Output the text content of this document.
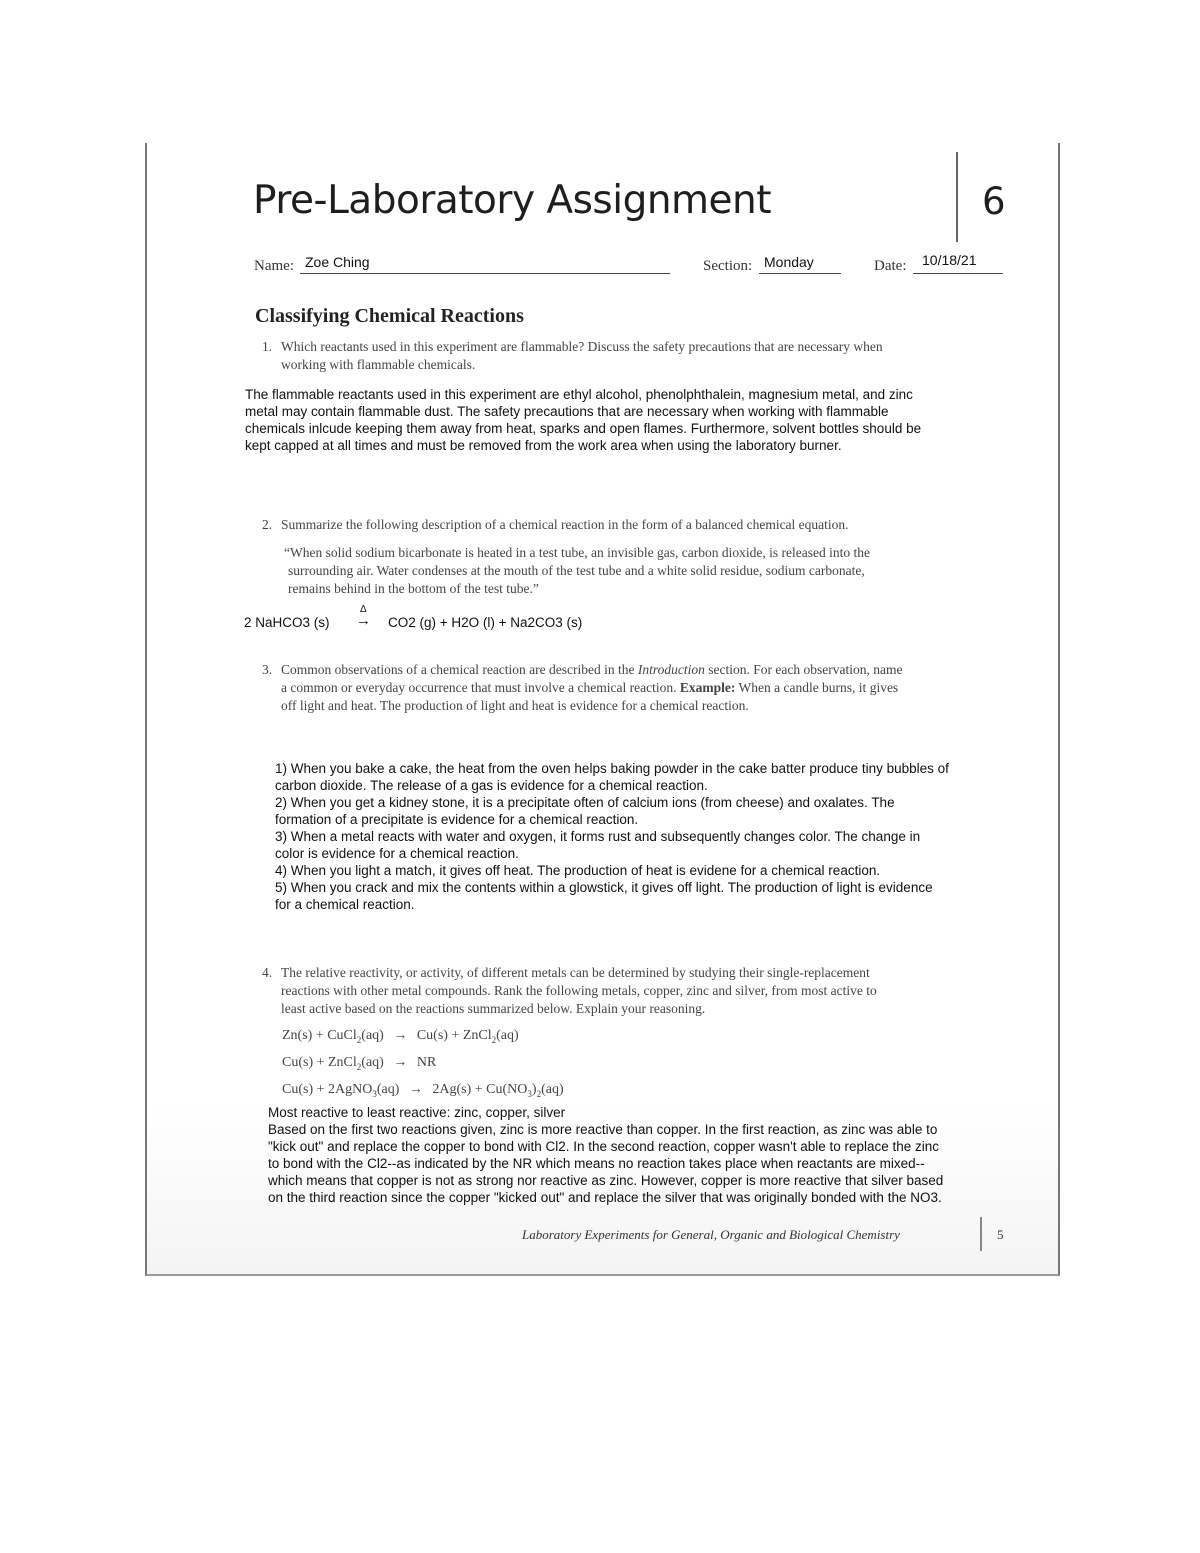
Pre-Laboratory Assignment	6
Name: Zoe Ching	Section: Monday	Date: 10/18/21
Classifying Chemical Reactions
1. Which reactants used in this experiment are flammable? Discuss the safety precautions that are necessary when
working with flammable chemicals.
The flammable reactants used in this experiment are ethyl alcohol, phenolphthalein, magnesium metal, and zinc
metal may contain flammable dust. The safety precautions that are necessary when working with flammable
chemicals inlcude keeping them away from heat, sparks and open flames. Furthermore, solvent bottles should be
kept capped at all times and must be removed from the work area when using the laboratory burner.
2. Summarize the following description of a chemical reaction in the form of a balanced chemical equation.
“When solid sodium bicarbonate is heated in a test tube, an invisible gas, carbon dioxide, is released into the
surrounding air. Water condenses at the mouth of the test tube and a white solid residue, sodium carbonate,
remains behind in the bottom of the test tube.”
2 NaHCO3 (s)
Δ
→ CO2 (g) + H2O (l) + Na2CO3 (s)
3. Common observations of a chemical reaction are described in the Introduction section. For each observation, name
a common or everyday occurrence that must involve a chemical reaction. Example: When a candle burns, it gives
off light and heat. The production of light and heat is evidence for a chemical reaction.
1) When you bake a cake, the heat from the oven helps baking powder in the cake batter produce tiny bubbles of
carbon dioxide. The release of a gas is evidence for a chemical reaction.
2) When you get a kidney stone, it is a precipitate often of calcium ions (from cheese) and oxalates. The
formation of a precipitate is evidence for a chemical reaction.
3) When a metal reacts with water and oxygen, it forms rust and subsequently changes color. The change in
color is evidence for a chemical reaction.
4) When you light a match, it gives off heat. The production of heat is evidene for a chemical reaction.
5) When you crack and mix the contents within a glowstick, it gives off light. The production of light is evidence
for a chemical reaction.
4. The relative reactivity, or activity, of different metals can be determined by studying their single-replacement
reactions with other metal compounds. Rank the following metals, copper, zinc and silver, from most active to
least active based on the reactions summarized below. Explain your reasoning.
Zn(s) + CuCl$_2$(aq) → Cu(s) + ZnCl$_2$(aq)
Cu(s) + ZnCl$_2$(aq) → NR
Cu(s) + 2AgNO$_3$(aq) → $2Ag(s) + Cu(NO_3)_2(aq)$
Most reactive to least reactive: zinc, copper, silver
Based on the first two reactions given, zinc is more reactive than copper. In the first reaction, as zinc was able to
"kick out" and replace the copper to bond with Cl2. In the second reaction, copper wasn't able to replace the zinc
to bond with the Cl2--as indicated by the NR which means no reaction takes place when reactants are mixed--
which means that copper is not as strong nor reactive as zinc. However, copper is more reactive that silver based
on the third reaction since the copper "kicked out" and replace the silver that was originally bonded with the NO3.
Laboratory Experiments for General, Organic and Biological Chemistry	5
